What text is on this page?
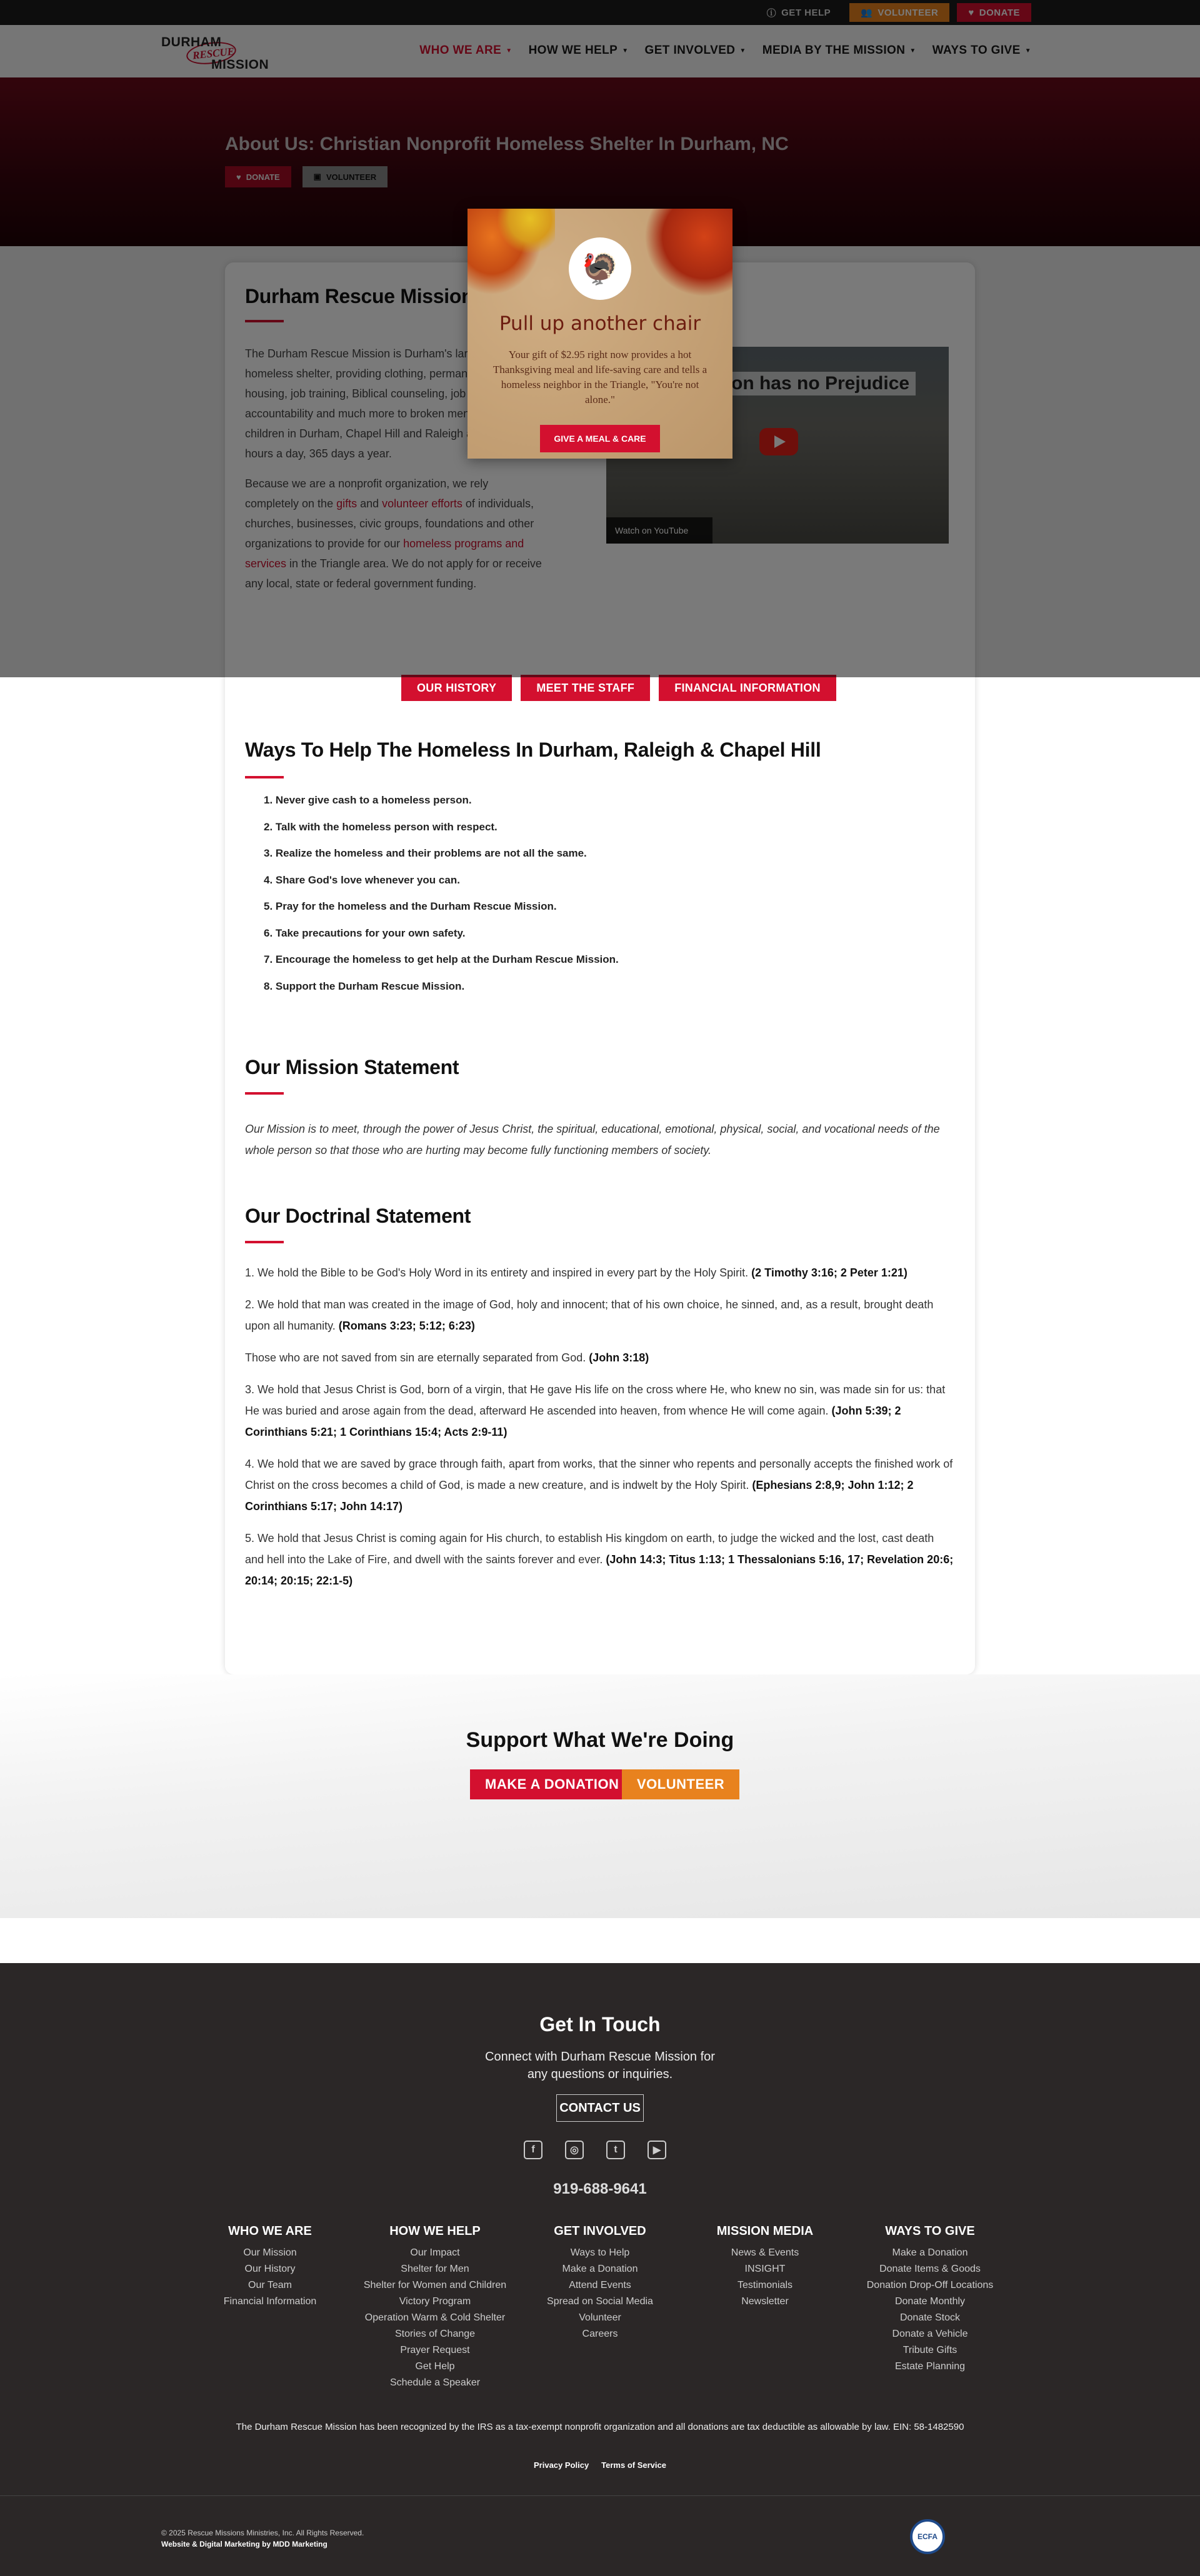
OUR HISTORY	MEET THE STAFF	FINANCIAL INFORMATION
Ways To Help The Homeless In Durham, Raleigh & Chapel Hill
1. Never give cash to a homeless person.
2. Talk with the homeless person with respect.
3. Realize the homeless and their problems are not all the same.
4. Share God's love whenever you can.
5. Pray for the homeless and the Durham Rescue Mission.
6. Take precautions for your own safety.
7. Encourage the homeless to get help at the Durham Rescue Mission.
8. Support the Durham Rescue Mission.
Our Mission Statement
Our Mission is to meet, through the power of Jesus Christ, the spiritual, educational, emotional, physical, social, and vocational needs of the whole person so that those who are hurting may become fully functioning members of society.
Our Doctrinal Statement

1. We hold the Bible to be God's Holy Word in its entirety and inspired in every part by the Holy Spirit. (2 Timothy 3:16; 2 Peter 1:21)

2. We hold that man was created in the image of God, holy and innocent; that of his own choice, he sinned, and, as a result, brought death upon all humanity. (Romans 3:23; 5:12; 6:23)

Those who are not saved from sin are eternally separated from God. (John 3:18)

3. We hold that Jesus Christ is God, born of a virgin, that He gave His life on the cross where He, who knew no sin, was made sin for us: that He was buried and arose again from the dead, afterward He ascended into heaven, from whence He will come again. (John 5:39; 2 Corinthians 5:21; 1 Corinthians 15:4; Acts 2:9-11)

4. We hold that we are saved by grace through faith, apart from works, that the sinner who repents and personally accepts the finished work of Christ on the cross becomes a child of God, is made a new creature, and is indwelt by the Holy Spirit. (Ephesians 2:8,9; John 1:12; 2 Corinthians 5:17; John 14:17)

5. We hold that Jesus Christ is coming again for His church, to establish His kingdom on earth, to judge the wicked and the lost, cast death and hell into the Lake of Fire, and dwell with the saints forever and ever. (John 14:3; Titus 1:13; 1 Thessalonians 5:16, 17; Revelation 20:6; 20:14; 20:15; 22:1-5)

🦃
Pull up another chair
Your gift of $2.95 right now provides a hot Thanksgiving meal and life-saving care and tells a homeless neighbor in the Triangle, "You're not alone."
GIVE A MEAL & CARE
Support What We're Doing
MAKE A DONATION	VOLUNTEER
Get In Touch
Connect with Durham Rescue Mission for any questions or inquiries.
CONTACT US
f	◎	t	▶
919-688-9641
WHO WE ARE
Our Mission
Our History
Our Team
Financial Information
HOW WE HELP
Our Impact
Shelter for Men
Shelter for Women and Children
Victory Program
Operation Warm & Cold Shelter
Stories of Change
Prayer Request
Get Help
Schedule a Speaker
GET INVOLVED
Ways to Help
Make a Donation
Attend Events
Spread on Social Media
Volunteer
Careers
MISSION MEDIA
News & Events
INSIGHT
Testimonials
Newsletter
WAYS TO GIVE
Make a Donation
Donate Items & Goods
Donation Drop-Off Locations
Donate Monthly
Donate Stock
Donate a Vehicle
Tribute Gifts
Estate Planning
The Durham Rescue Mission has been recognized by the IRS as a tax-exempt nonprofit organization and all donations are tax deductible as allowable by law. EIN: 58-1482590
Privacy Policy Terms of Service
© 2025 Rescue Missions Ministries, Inc. All Rights Reserved.
Website & Digital Marketing by MDD Marketing
ECFA
